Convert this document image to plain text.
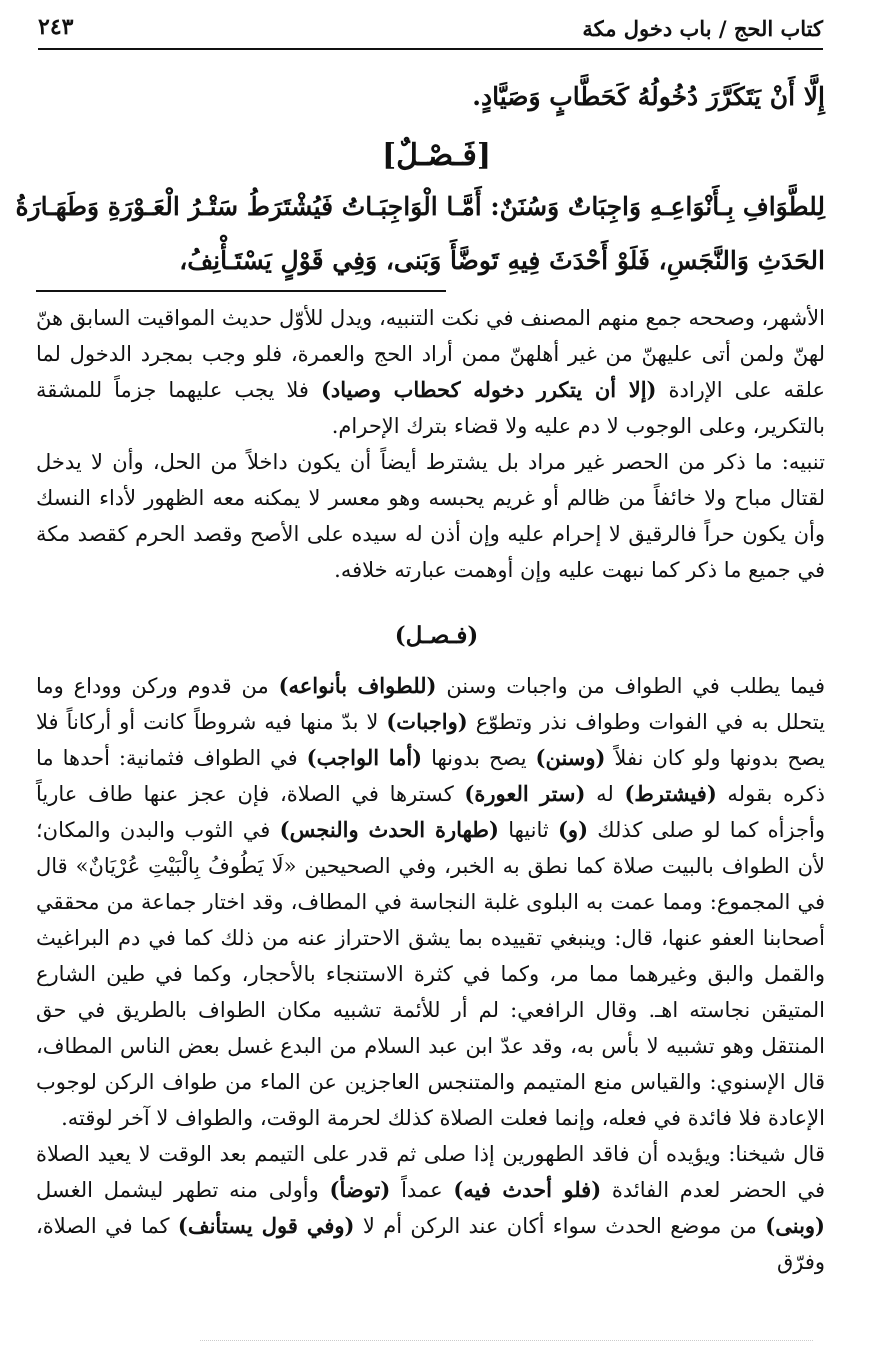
كتاب الحج / باب دخول مكة
٢٤٣
إِلَّا أَنْ يَتَكَرَّرَ دُخُولُهُ كَحَطَّابٍ وَصَيَّادٍ.
[فَـصْـلٌ]
لِلطَّوَافِ بِـأَنْوَاعِـهِ وَاجِبَاتٌ وَسُنَنٌ: أَمَّـا الْوَاجِبَـاتُ فَيُشْتَرَطُ سَتْـرُ الْعَـوْرَةِ وَطَهَـارَةُ
الحَدَثِ وَالنَّجَسِ، فَلَوْ أَحْدَثَ فِيهِ تَوضَّأَ وَبَنى، وَفِي قَوْلٍ يَسْتَـأْنِفُ،

الأشهر، وصححه جمع منهم المصنف في نكت التنبيه، ويدل للأوّل حديث المواقيت السابق هنّ لهنّ ولمن أتى عليهنّ من غير أهلهنّ ممن أراد الحج والعمرة، فلو وجب بمجرد الدخول لما علقه على الإرادة (إلا أن يتكرر دخوله كحطاب وصياد) فلا يجب عليهما جزماً للمشقة بالتكرير، وعلى الوجوب لا دم عليه ولا قضاء بترك الإحرام.

تنبيه: ما ذكر من الحصر غير مراد بل يشترط أيضاً أن يكون داخلاً من الحل، وأن لا يدخل لقتال مباح ولا خائفاً من ظالم أو غريم يحبسه وهو معسر لا يمكنه معه الظهور لأداء النسك وأن يكون حراً فالرقيق لا إحرام عليه وإن أذن له سيده على الأصح وقصد الحرم كقصد مكة في جميع ما ذكر كما نبهت عليه وإن أوهمت عبارته خلافه.

(فـصـل)

فيما يطلب في الطواف من واجبات وسنن (للطواف بأنواعه) من قدوم وركن ووداع وما يتحلل به في الفوات وطواف نذر وتطوّع (واجبات) لا بدّ منها فيه شروطاً كانت أو أركاناً فلا يصح بدونها ولو كان نفلاً (وسنن) يصح بدونها (أما الواجب) في الطواف فثمانية: أحدها ما ذكره بقوله (فيشترط) له (ستر العورة) كسترها في الصلاة، فإن عجز عنها طاف عارياً وأجزأه كما لو صلى كذلك (و) ثانيها (طهارة الحدث والنجس) في الثوب والبدن والمكان؛ لأن الطواف بالبيت صلاة كما نطق به الخبر، وفي الصحيحين «لَا يَطُوفُ بِالْبَيْتِ عُرْيَانٌ» قال في المجموع: ومما عمت به البلوى غلبة النجاسة في المطاف، وقد اختار جماعة من محققي أصحابنا العفو عنها، قال: وينبغي تقييده بما يشق الاحتراز عنه من ذلك كما في دم البراغيث والقمل والبق وغيرهما مما مر، وكما في كثرة الاستنجاء بالأحجار، وكما في طين الشارع المتيقن نجاسته اهـ. وقال الرافعي: لم أر للأئمة تشبيه مكان الطواف بالطريق في حق المنتقل وهو تشبيه لا بأس به، وقد عدّ ابن عبد السلام من البدع غسل بعض الناس المطاف، قال الإسنوي: والقياس منع المتيمم والمتنجس العاجزين عن الماء من طواف الركن لوجوب الإعادة فلا فائدة في فعله، وإنما فعلت الصلاة كذلك لحرمة الوقت، والطواف لا آخر لوقته.

قال شيخنا: ويؤيده أن فاقد الطهورين إذا صلى ثم قدر على التيمم بعد الوقت لا يعيد الصلاة في الحضر لعدم الفائدة (فلو أحدث فيه) عمداً (توضأ) وأولى منه تطهر ليشمل الغسل (وبنى) من موضع الحدث سواء أكان عند الركن أم لا (وفي قول يستأنف) كما في الصلاة، وفرّق
